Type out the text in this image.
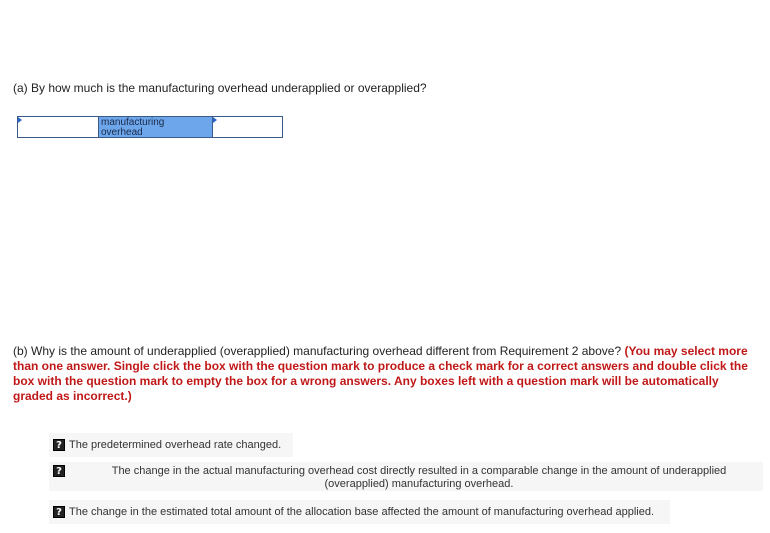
(a) By how much is the manufacturing overhead underapplied or overapplied?
manufacturing overhead
(b) Why is the amount of underapplied (overapplied) manufacturing overhead different from Requirement 2 above? (You may select more than one answer. Single click the box with the question mark to produce a check mark for a correct answers and double click the box with the question mark to empty the box for a wrong answers. Any boxes left with a question mark will be automatically graded as incorrect.)
? The predetermined overhead rate changed.
?	The change in the actual manufacturing overhead cost directly resulted in a comparable change in the amount of underapplied (overapplied) manufacturing overhead.
? The change in the estimated total amount of the allocation base affected the amount of manufacturing overhead applied.
